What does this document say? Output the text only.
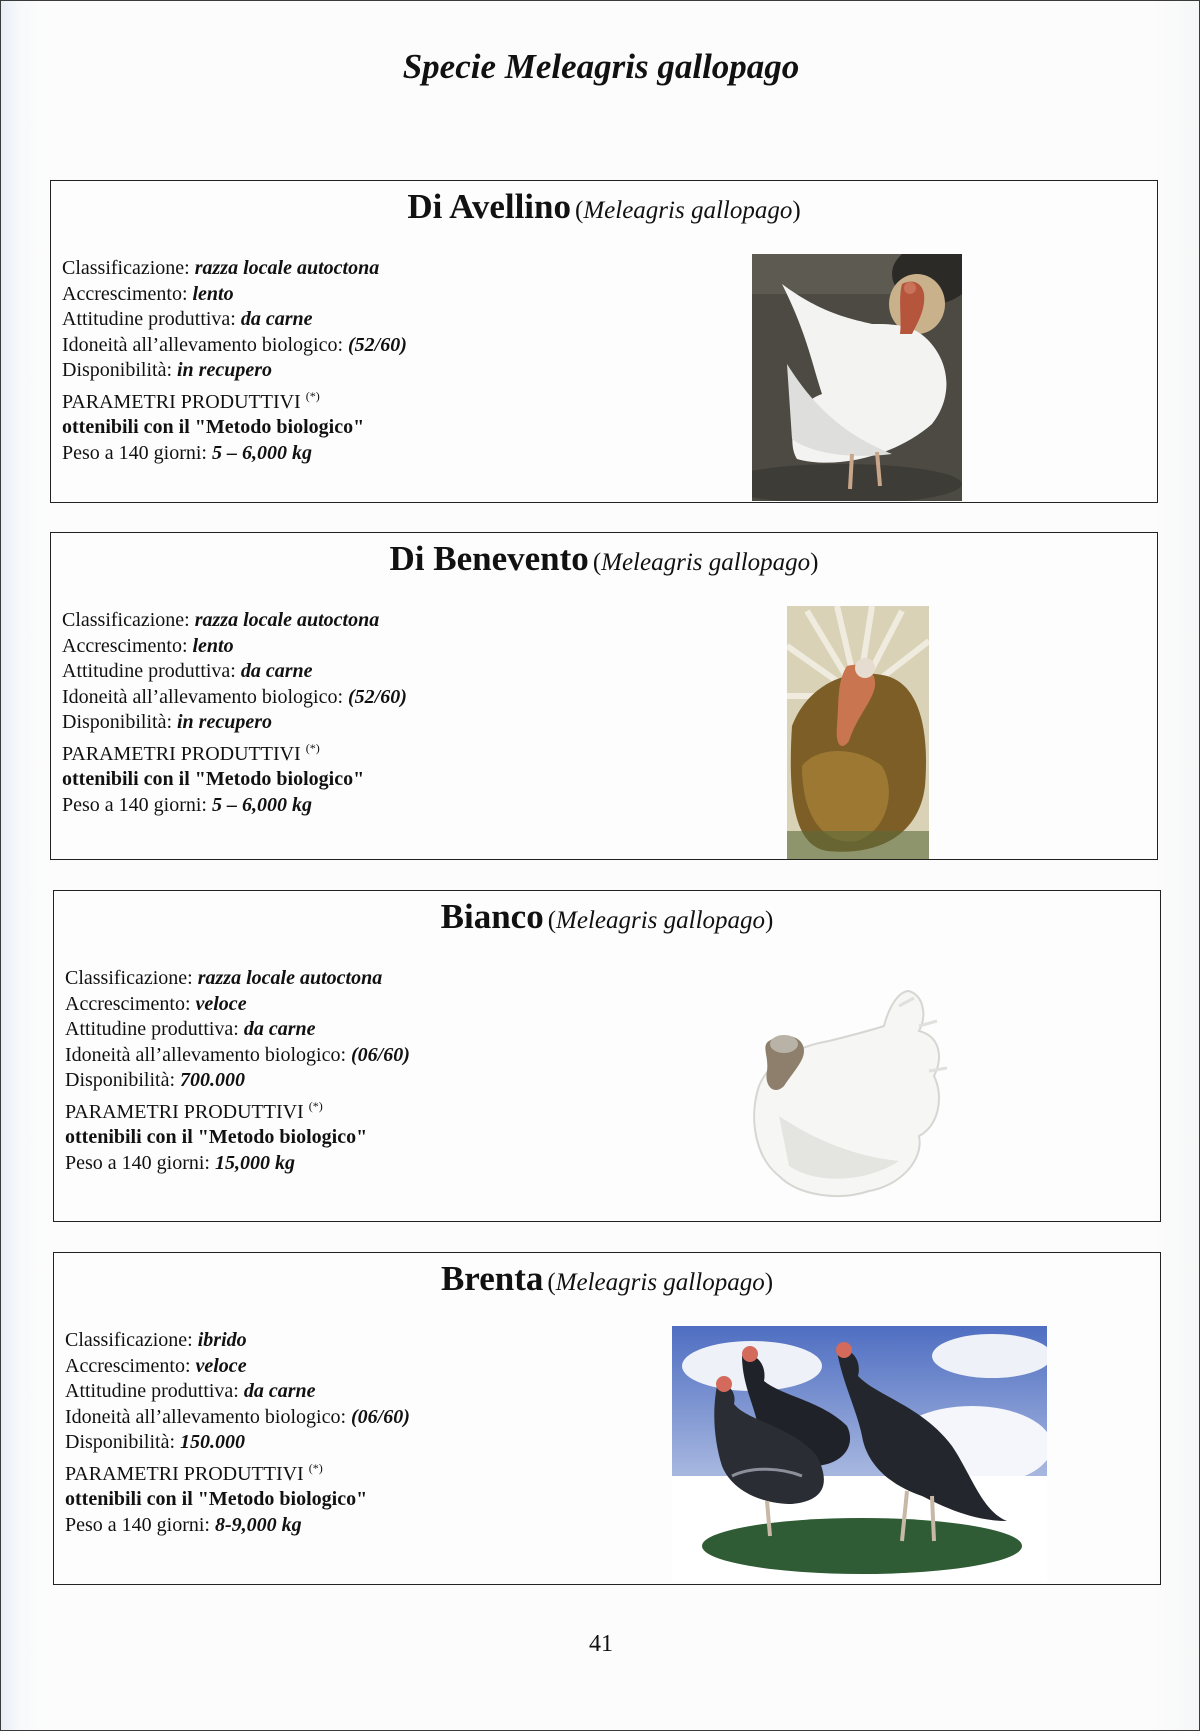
Specie Meleagris gallopago
Di Avellino (Meleagris gallopago)
Classificazione: razza locale autoctona
Accrescimento: lento
Attitudine produttiva: da carne
Idoneità all’allevamento biologico: (52/60)
Disponibilità: in recupero
PARAMETRI PRODUTTIVI (*)
ottenibili con il "Metodo biologico"
Peso a 140 giorni: 5 – 6,000 kg
Di Benevento (Meleagris gallopago)
Classificazione: razza locale autoctona
Accrescimento: lento
Attitudine produttiva: da carne
Idoneità all’allevamento biologico: (52/60)
Disponibilità: in recupero
PARAMETRI PRODUTTIVI (*)
ottenibili con il "Metodo biologico"
Peso a 140 giorni: 5 – 6,000 kg
Bianco (Meleagris gallopago)
Classificazione: razza locale autoctona
Accrescimento: veloce
Attitudine produttiva: da carne
Idoneità all’allevamento biologico: (06/60)
Disponibilità: 700.000
PARAMETRI PRODUTTIVI (*)
ottenibili con il "Metodo biologico"
Peso a 140 giorni: 15,000 kg
Brenta (Meleagris gallopago)
Classificazione: ibrido
Accrescimento: veloce
Attitudine produttiva: da carne
Idoneità all’allevamento biologico: (06/60)
Disponibilità: 150.000
PARAMETRI PRODUTTIVI (*)
ottenibili con il "Metodo biologico"
Peso a 140 giorni: 8-9,000 kg
41
